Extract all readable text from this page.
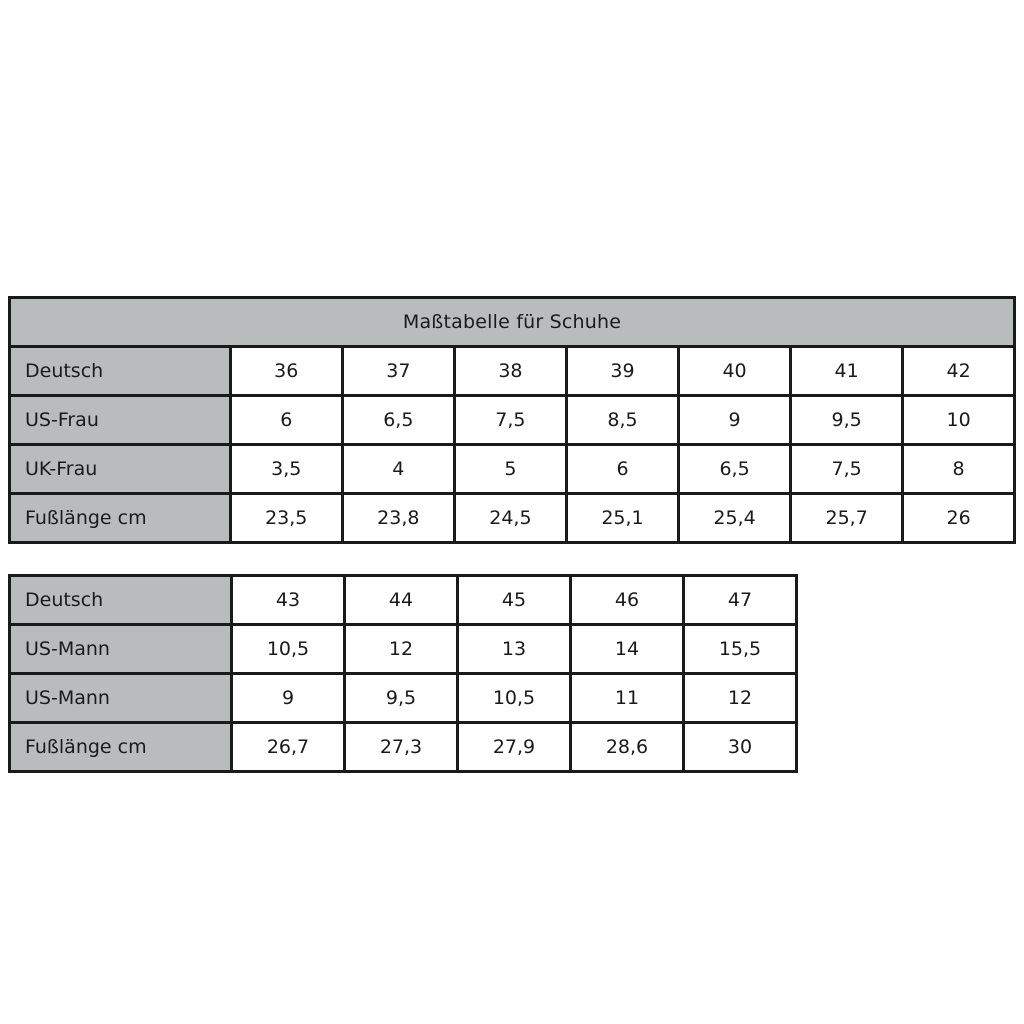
Maßtabelle für Schuhe							
Deutsch	36	37	38	39	40	41	42
US-Frau	6	6,5	7,5	8,5	9	9,5	10
UK-Frau	3,5	4	5	6	6,5	7,5	8
Fußlänge cm	23,5	23,8	24,5	25,1	25,4	25,7	26
Deutsch	43	44	45	46	47
US-Mann	10,5	12	13	14	15,5
US-Mann	9	9,5	10,5	11	12
Fußlänge cm	26,7	27,3	27,9	28,6	30
